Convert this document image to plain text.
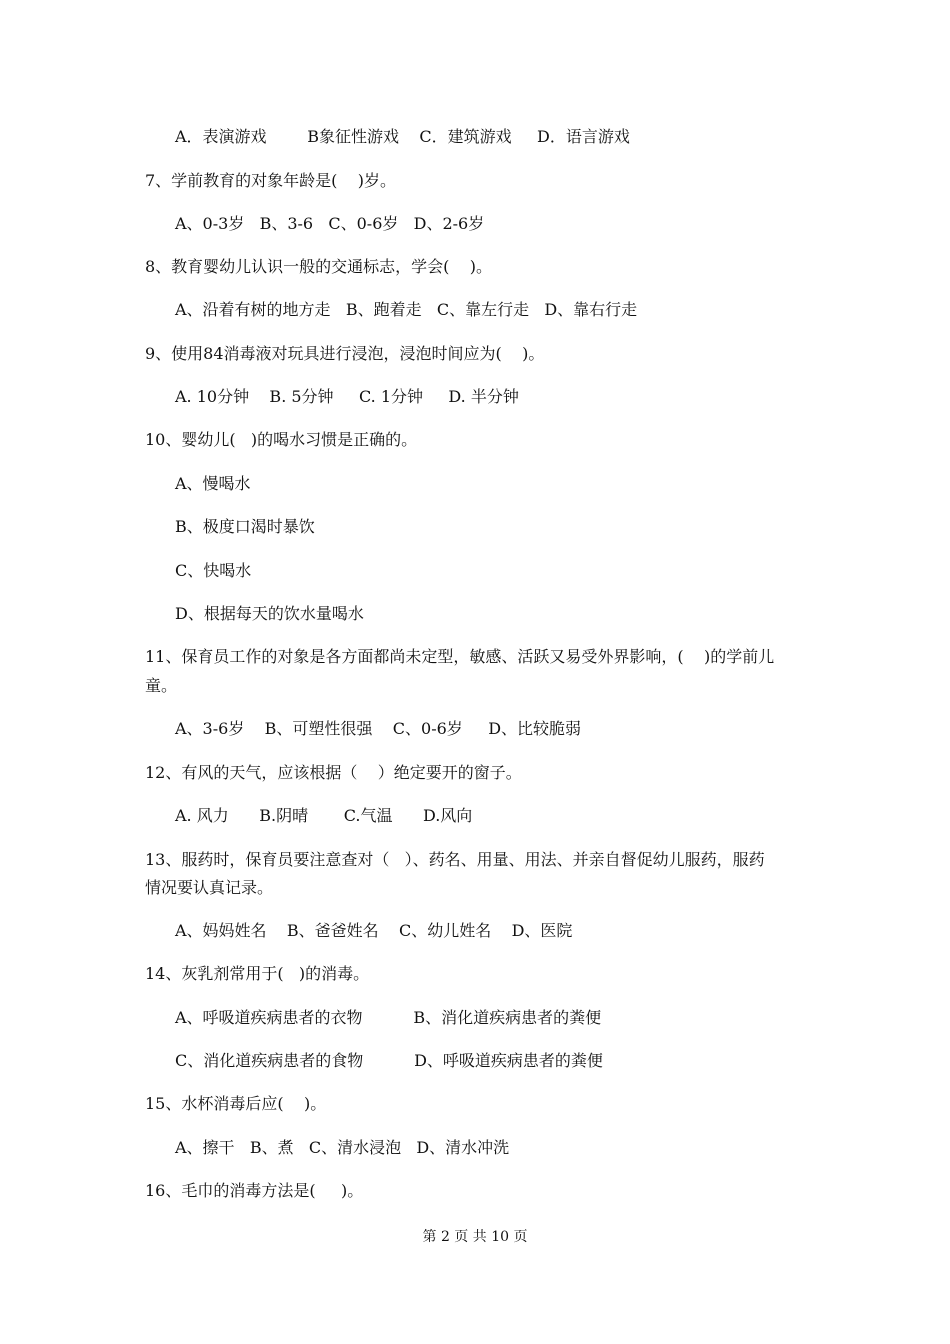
A．表演游戏        B象征性游戏    C．建筑游戏     D．语言游戏
7、学前教育的对象年龄是(    )岁。
A、0-3岁   B、3-6   C、0-6岁   D、2-6岁
8、教育婴幼儿认识一般的交通标志，学会(    )。
A、沿着有树的地方走   B、跑着走   C、靠左行走   D、靠右行走
9、使用84消毒液对玩具进行浸泡，浸泡时间应为(    )。
A. 10分钟    B. 5分钟     C. 1分钟     D. 半分钟
10、婴幼儿(   )的喝水习惯是正确的。
A、慢喝水
B、极度口渴时暴饮
C、快喝水
D、根据每天的饮水量喝水
11、保育员工作的对象是各方面都尚未定型，敏感、活跃又易受外界影响，(    )的学前儿
童。
A、3-6岁    B、可塑性很强    C、0-6岁     D、比较脆弱
12、有风的天气，应该根据（    ）绝定要开的窗子。
A. 风力      B.阴晴       C.气温      D.风向
13、服药时，保育员要注意查对（   ）、药名、用量、用法、并亲自督促幼儿服药，服药
情况要认真记录。
A、妈妈姓名    B、爸爸姓名    C、幼儿姓名    D、医院
14、灰乳剂常用于(   )的消毒。
A、呼吸道疾病患者的衣物          B、消化道疾病患者的粪便
C、消化道疾病患者的食物          D、呼吸道疾病患者的粪便
15、水杯消毒后应(    )。
A、擦干   B、煮   C、清水浸泡   D、清水冲洗
16、毛巾的消毒方法是(     )。
第 2 页 共 10 页
